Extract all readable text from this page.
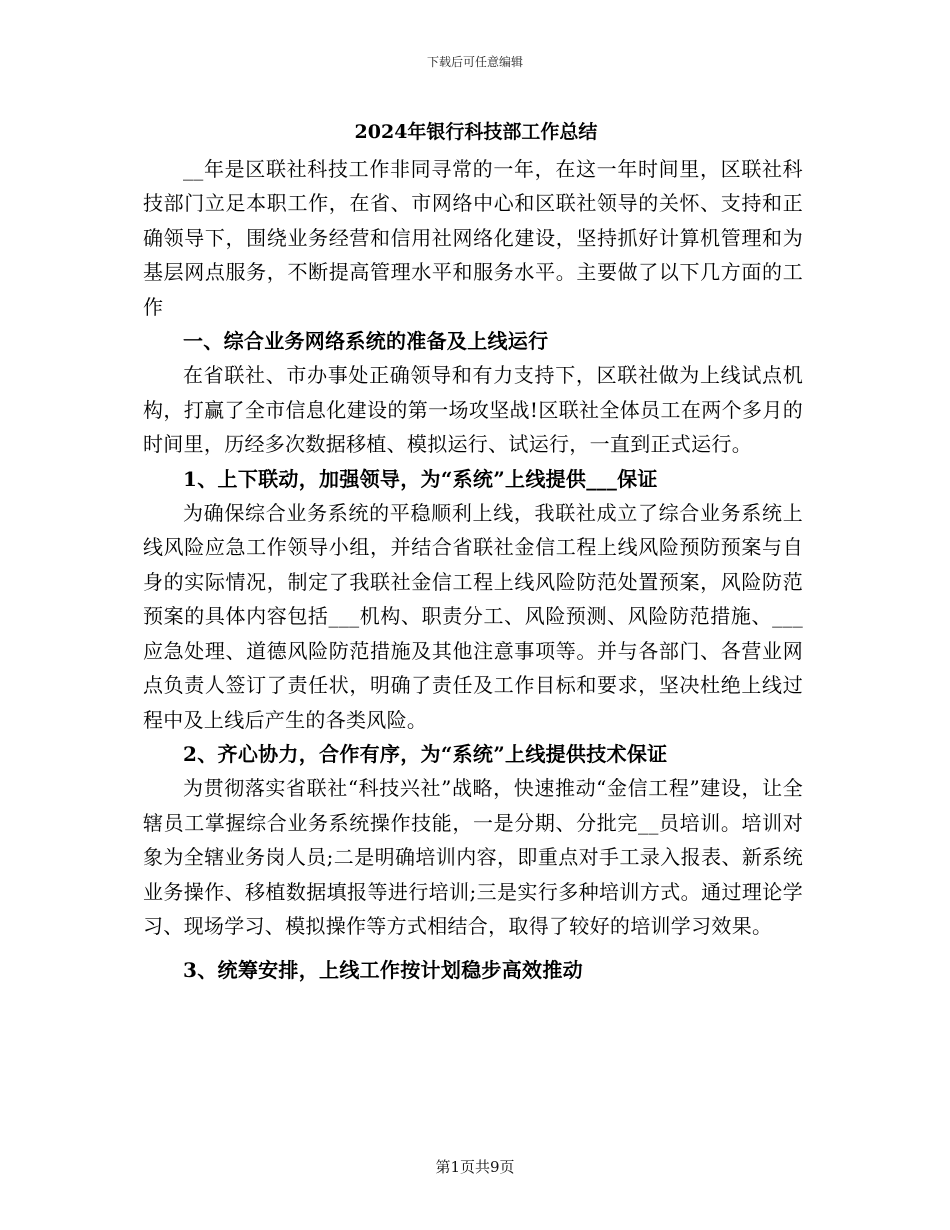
下载后可任意编辑
2024年银行科技部工作总结

__年是区联社科技工作非同寻常的一年，在这一年时间里，区联社科技部门立足本职工作，在省、市网络中心和区联社领导的关怀、支持和正确领导下，围绕业务经营和信用社网络化建设，坚持抓好计算机管理和为基层网点服务，不断提高管理水平和服务水平。主要做了以下几方面的工作

一、综合业务网络系统的准备及上线运行

在省联社、市办事处正确领导和有力支持下，区联社做为上线试点机构，打赢了全市信息化建设的第一场攻坚战!区联社全体员工在两个多月的时间里，历经多次数据移植、模拟运行、试运行，一直到正式运行。

1、上下联动，加强领导，为“系统”上线提供___保证

为确保综合业务系统的平稳顺利上线，我联社成立了综合业务系统上线风险应急工作领导小组，并结合省联社金信工程上线风险预防预案与自身的实际情况，制定了我联社金信工程上线风险防范处置预案，风险防范预案的具体内容包括___机构、职责分工、风险预测、风险防范措施、___应急处理、道德风险防范措施及其他注意事项等。并与各部门、各营业网点负责人签订了责任状，明确了责任及工作目标和要求，坚决杜绝上线过程中及上线后产生的各类风险。

2、齐心协力，合作有序，为“系统”上线提供技术保证

为贯彻落实省联社“科技兴社”战略，快速推动“金信工程”建设，让全辖员工掌握综合业务系统操作技能，一是分期、分批完__员培训。培训对象为全辖业务岗人员;二是明确培训内容，即重点对手工录入报表、新系统业务操作、移植数据填报等进行培训;三是实行多种培训方式。通过理论学习、现场学习、模拟操作等方式相结合，取得了较好的培训学习效果。

3、统筹安排，上线工作按计划稳步高效推动

第1页共9页
